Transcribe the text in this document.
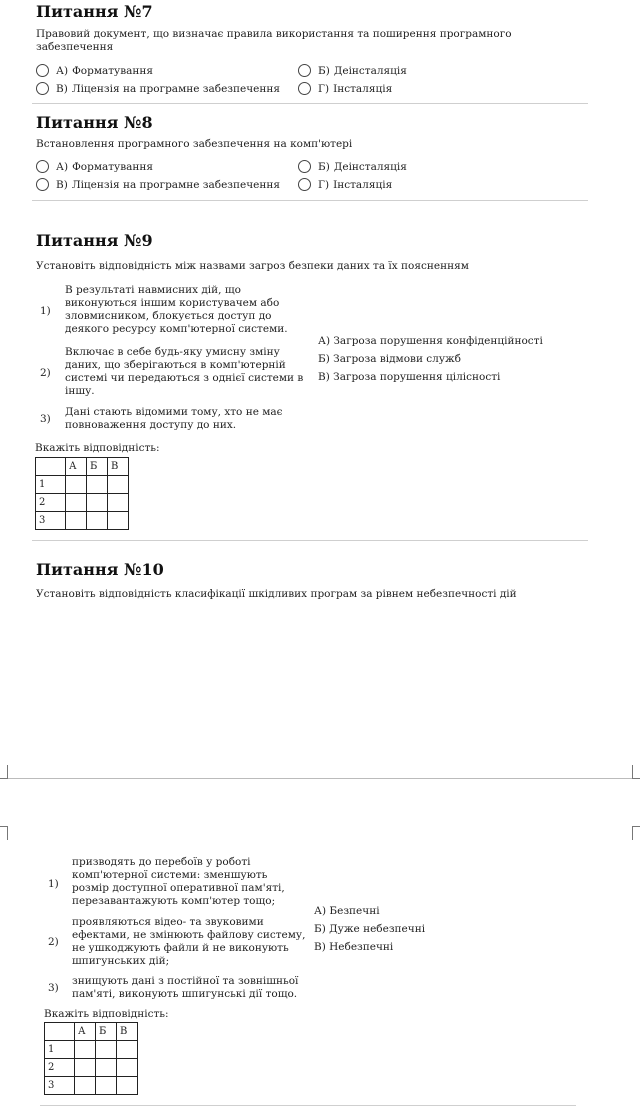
Питання №7
Правовий документ, що визначає правила використання та поширення програмного забезпечення
А) Форматування	Б) Деінсталяція
В) Ліцензія на програмне забезпечення	Г) Інсталяція
Питання №8
Встановлення програмного забезпечення на комп'ютері
А) Форматування	Б) Деінсталяція
В) Ліцензія на програмне забезпечення	Г) Інсталяція
Питання №9
Установіть відповідність між назвами загроз безпеки даних та їх поясненням
1)
В результаті навмисних дій, що виконуються іншим користувачем або зловмисником, блокується доступ до деякого ресурсу комп'ютерної системи.
2)
Включає в себе будь-яку умисну зміну даних, що зберігаються в комп'ютерній системі чи передаються з однієї системи в іншу.
3)
Дані стають відомими тому, хто не має повноваження доступу до них.
А) Загроза порушення конфіденційності
Б) Загроза відмови служб
В) Загроза порушення цілісності
Вкажіть відповідність:
	А	Б	В
1			
2			
3			
Питання №10
Установіть відповідність класифікації шкідливих програм за рівнем небезпечності дій
1)
призводять до перебоїв у роботі комп'ютерної системи: зменшують розмір доступної оперативної пам'яті, перезавантажують комп'ютер тощо;
2)
проявляються відео- та звуковими ефектами, не змінюють файлову систему, не ушкоджують файли й не виконують шпигунських дій;
3)
знищують дані з постійної та зовнішньої пам'яті, виконують шпигунські дії тощо.
А) Безпечні
Б) Дуже небезпечні
В) Небезпечні
Вкажіть відповідність:
	А	Б	В
1			
2			
3			
